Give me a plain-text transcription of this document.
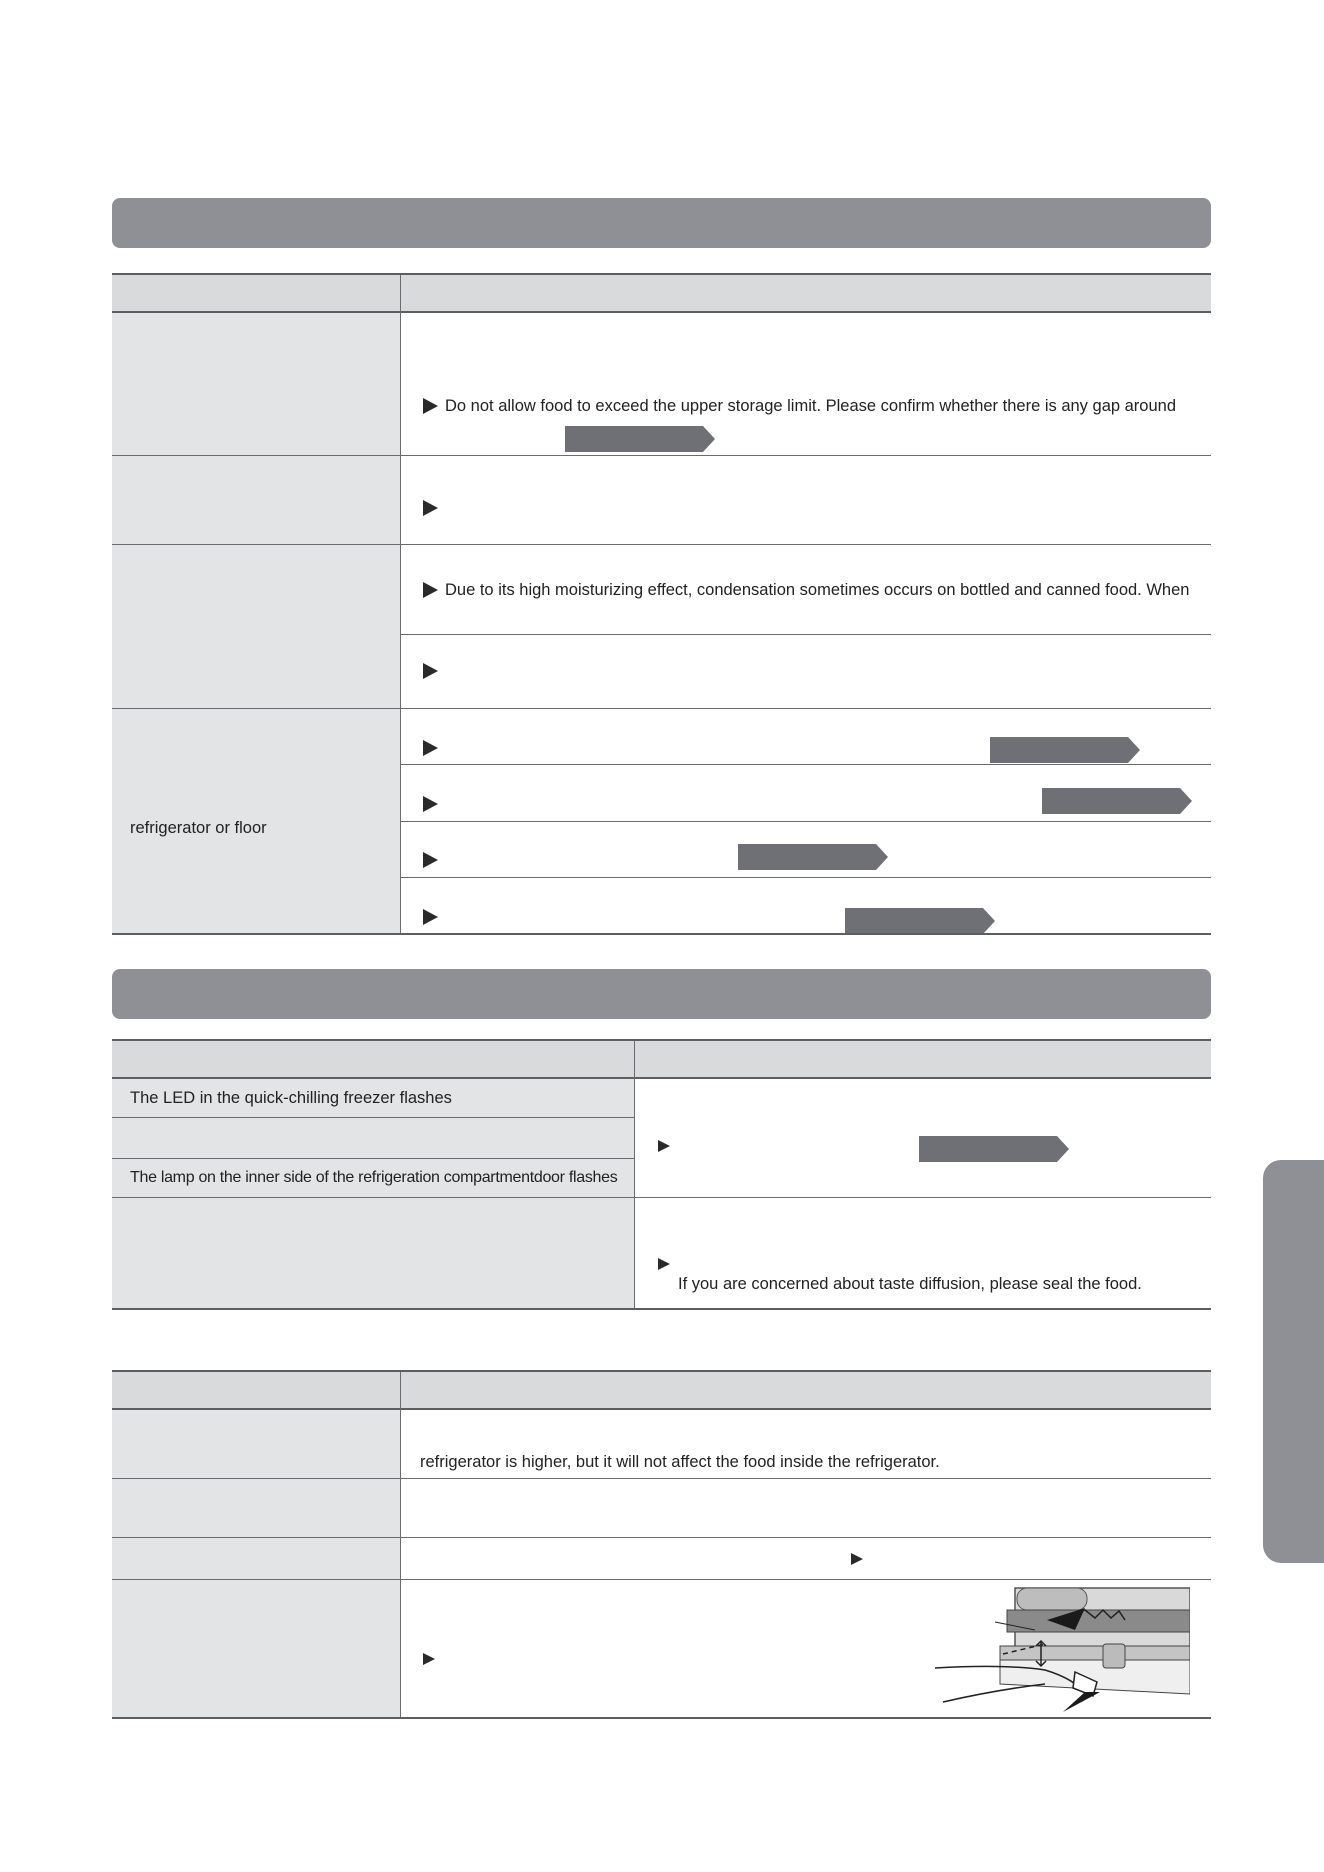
Do not allow food to exceed the upper storage limit. Please confirm whether there is any gap around
Due to its high moisturizing effect, condensation sometimes occurs on bottled and canned food. When
refrigerator or floor
The LED in the quick-chilling freezer flashes
The lamp on the inner side of the refrigeration compartmentdoor flashes
If you are concerned about taste diffusion, please seal the food.
refrigerator is higher, but it will not affect the food inside the refrigerator.
